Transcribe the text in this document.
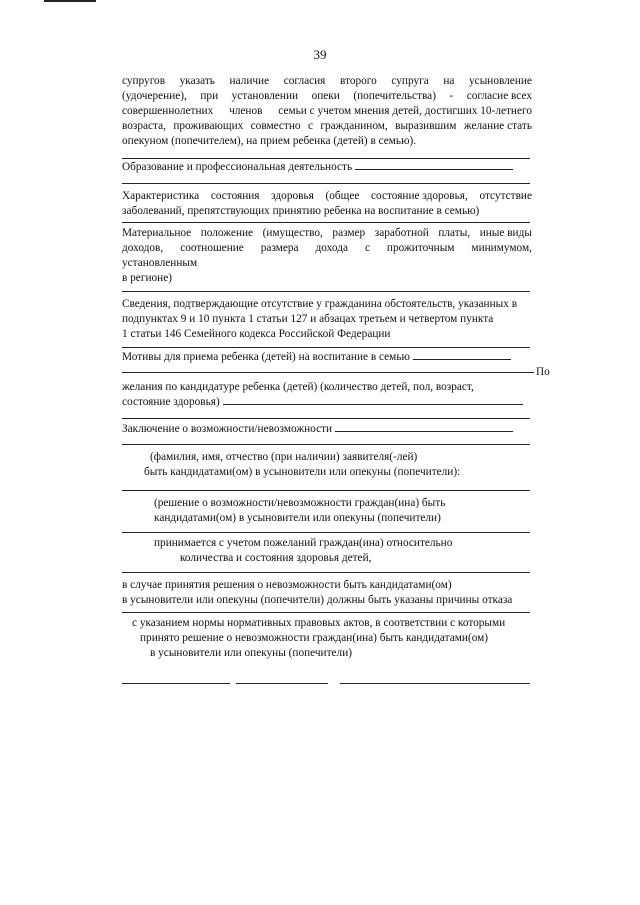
39
супругов указать наличие согласия второго супруга на усыновление
(удочерение), при установлении опеки (попечительства) - согласие всех
совершеннолетних членов семьи с учетом мнения детей, достигших 10-летнего
возраста, проживающих совместно с гражданином, выразившим желание стать
опекуном (попечителем), на прием ребенка (детей) в семью).
Образование и профессиональная деятельность
Характеристика состояния здоровья (общее состояние здоровья, отсутствие
заболеваний, препятствующих принятию ребенка на воспитание в семью)
Материальное положение (имущество, размер заработной платы, иные виды
доходов, соотношение размера дохода с прожиточным минимумом,
установленным
в регионе)
Сведения, подтверждающие отсутствие у гражданина обстоятельств, указанных в
подпунктах 9 и 10 пункта 1 статьи 127 и абзацах третьем и четвертом пункта
1 статьи 146 Семейного кодекса Российской Федерации
Мотивы для приема ребенка (детей) на воспитание в семью
По
желания по кандидатуре ребенка (детей) (количество детей, пол, возраст,
состояние здоровья)
Заключение о возможности/невозможности
(фамилия, имя, отчество (при наличии) заявителя(-лей)
быть кандидатами(ом) в усыновители или опекуны (попечители):
(решение о возможности/невозможности граждан(ина) быть
кандидатами(ом) в усыновители или опекуны (попечители)
принимается с учетом пожеланий граждан(ина) относительно
количества и состояния здоровья детей,
в случае принятия решения о невозможности быть кандидатами(ом)
в усыновители или опекуны (попечители) должны быть указаны причины отказа
с указанием нормы нормативных правовых актов, в соответствии с которыми
принято решение о невозможности граждан(ина) быть кандидатами(ом)
в усыновители или опекуны (попечители)
